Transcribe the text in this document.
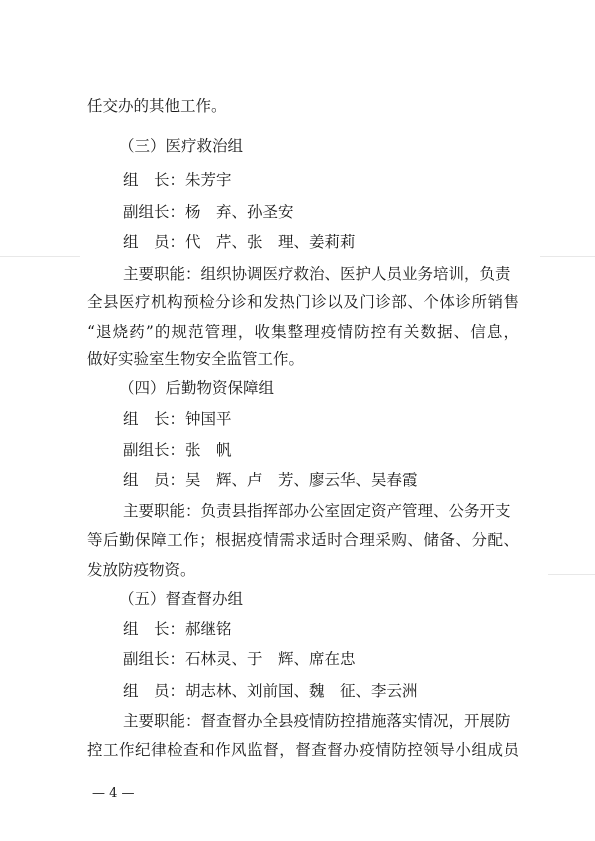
任交办的其他工作。
（三）医疗救治组
组　长：朱芳宇
副组长：杨　弃、孙圣安
组　员：代　芹、张　理、姜莉莉
主要职能：组织协调医疗救治、医护人员业务培训，负责
全县医疗机构预检分诊和发热门诊以及门诊部、个体诊所销售
“退烧药”的规范管理，收集整理疫情防控有关数据、信息，
做好实验室生物安全监管工作。
（四）后勤物资保障组
组　长：钟国平
副组长：张　帆
组　员：吴　辉、卢　芳、廖云华、吴春霞
主要职能：负责县指挥部办公室固定资产管理、公务开支
等后勤保障工作；根据疫情需求适时合理采购、储备、分配、
发放防疫物资。
（五）督查督办组
组　长：郝继铭
副组长：石林灵、于　辉、席在忠
组　员：胡志林、刘前国、魏　征、李云洲
主要职能：督查督办全县疫情防控措施落实情况，开展防
控工作纪律检查和作风监督，督查督办疫情防控领导小组成员
— 4 —
